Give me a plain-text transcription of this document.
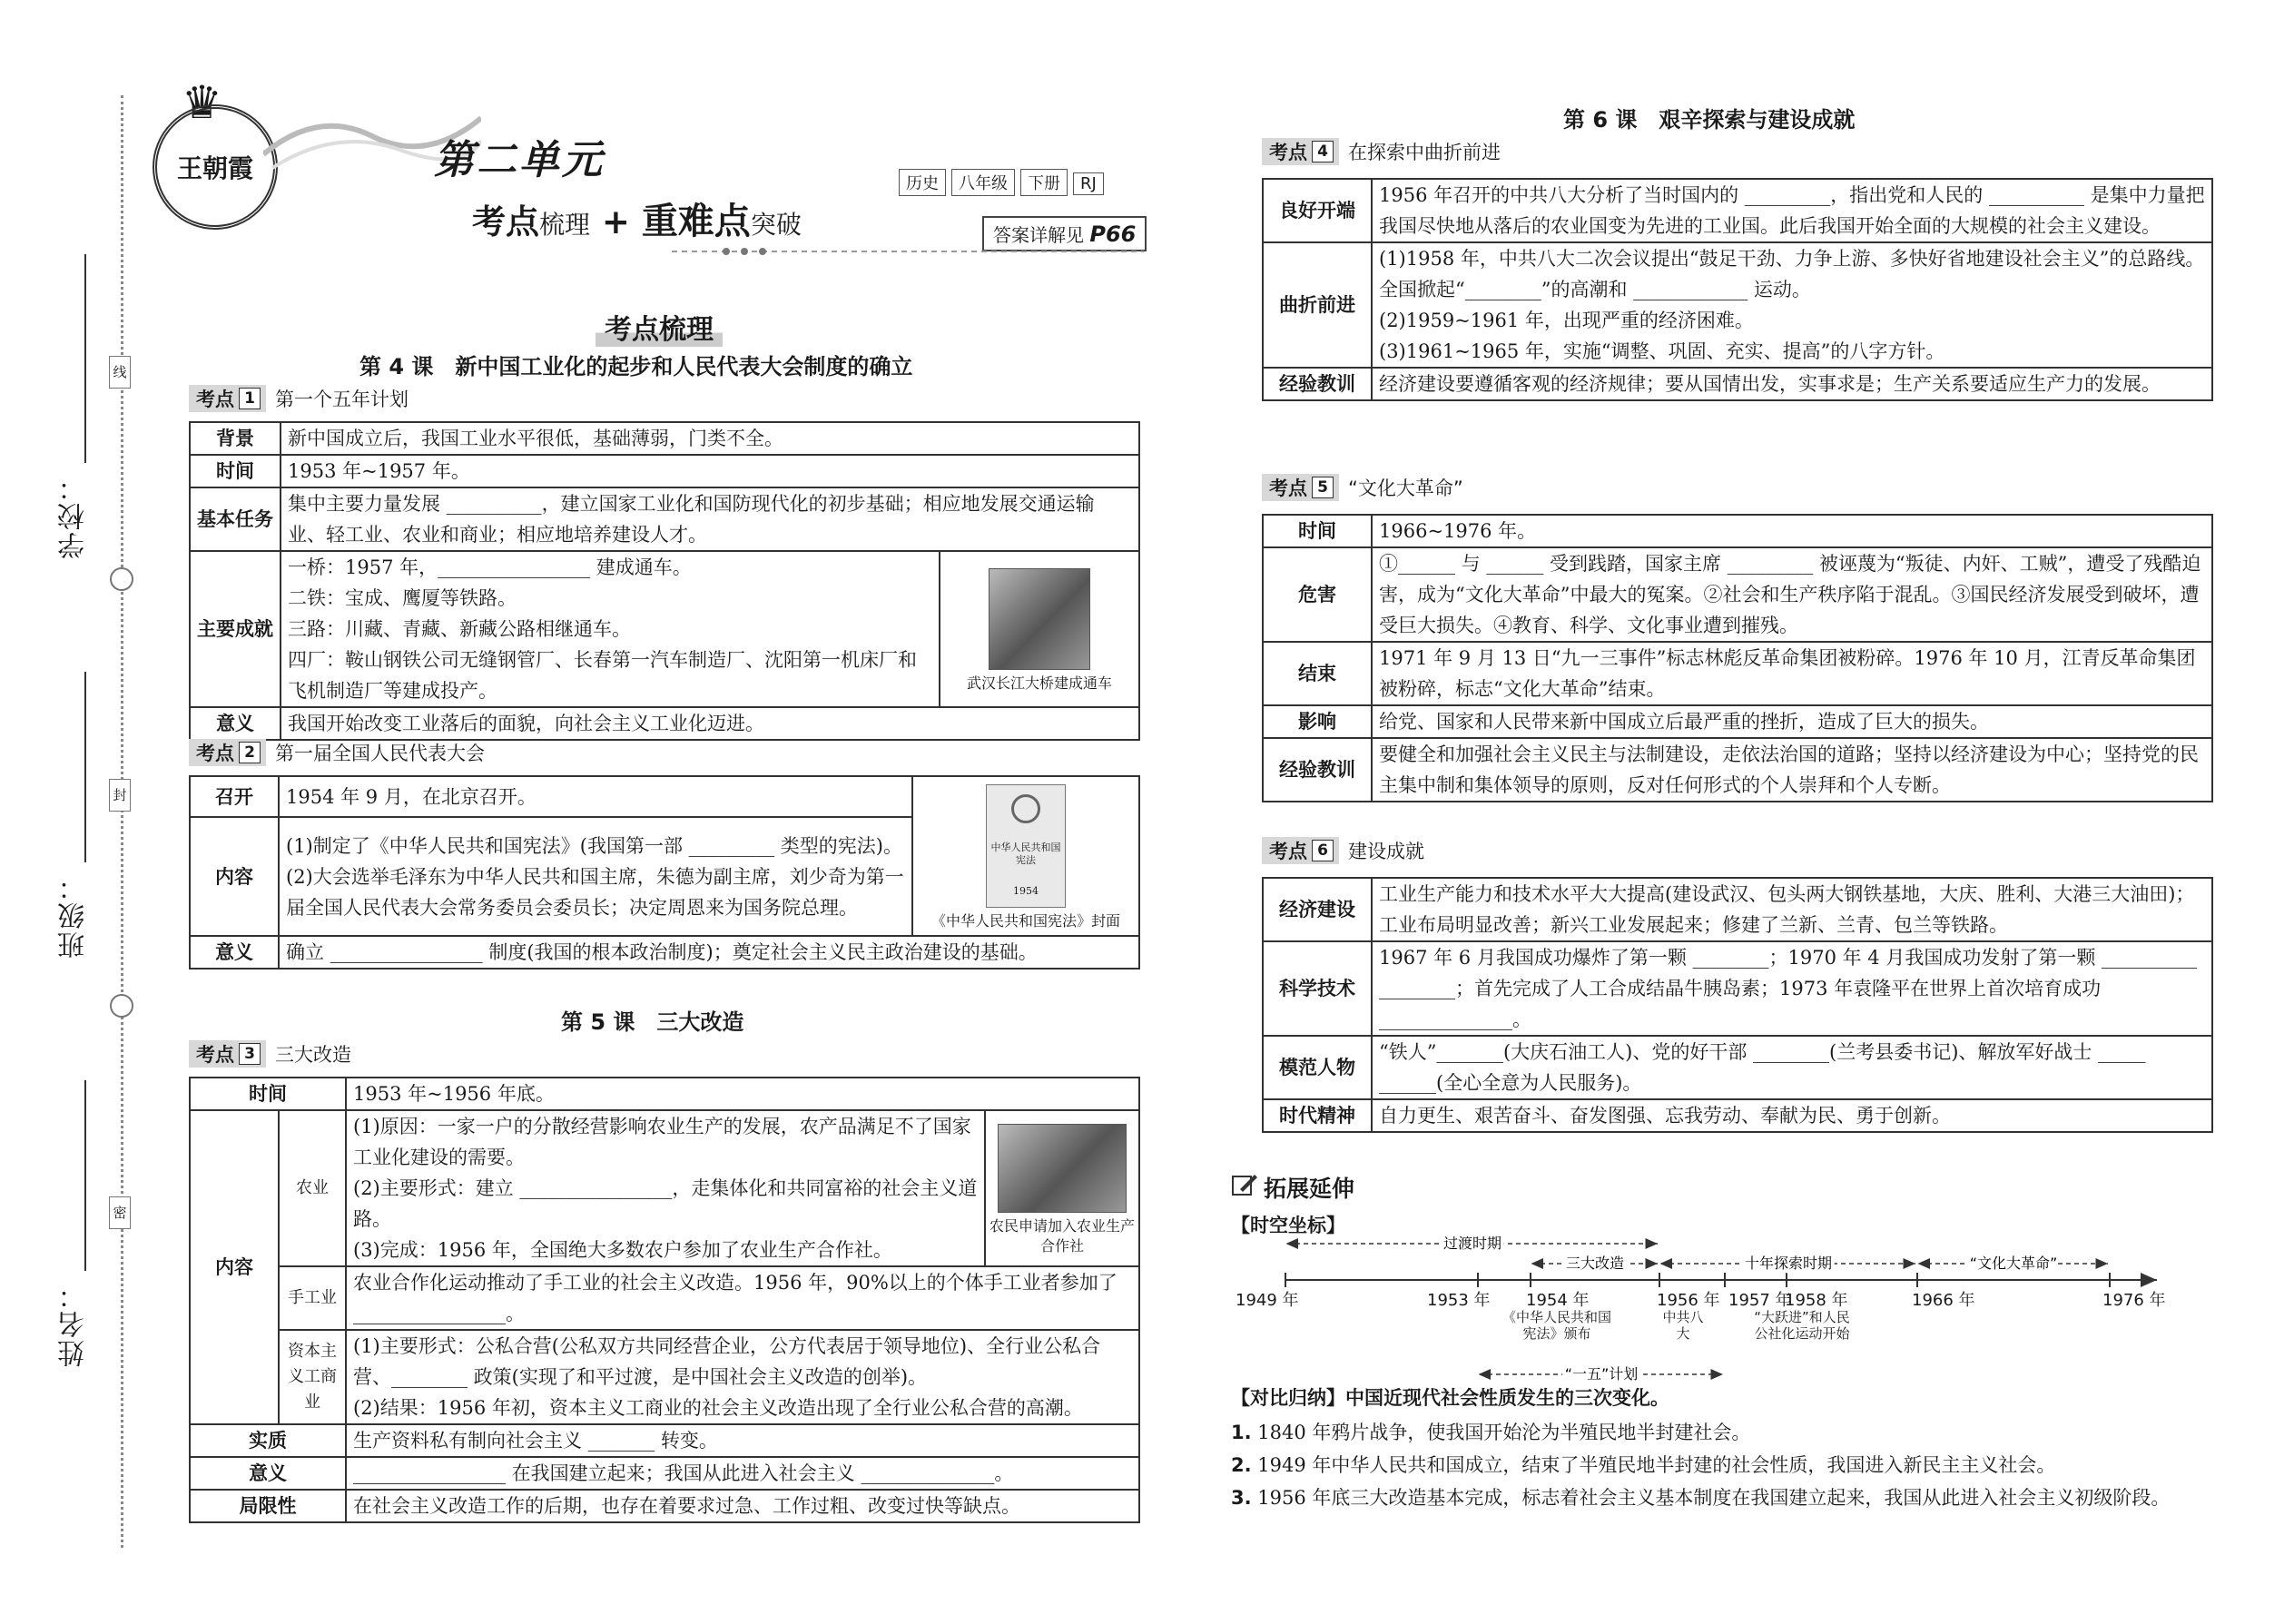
学校：
班级：
姓名：
线
封
密
♛
王朝霞	第二单元
考点梳理 + 重难点突破
历史 八年级 下册 RJ
答案详解见 P66
考点梳理
第 4 课　新中国工业化的起步和人民代表大会制度的确立
考点 1 第一个五年计划
背景	新中国成立后，我国工业水平很低，基础薄弱，门类不全。	
时间	1953 年~1957 年。	
基本任务	集中主要力量发展 __________，建立国家工业化和国防现代化的初步基础；相应地发展交通运输业、轻工业、农业和商业；相应地培养建设人才。	
主要成就	一桥：1957 年，________________ 建成通车。
二铁：宝成、鹰厦等铁路。
三路：川藏、青藏、新藏公路相继通车。
四厂：鞍山钢铁公司无缝钢管厂、长春第一汽车制造厂、沈阳第一机床厂和飞机制造厂等建成投产。	武汉长江大桥建成通车

意义	我国开始改变工业落后的面貌，向社会主义工业化迈进。	
考点 2 第一届全国人民代表大会
召开	1954 年 9 月，在北京召开。	中华人民共和国宪法
1954
《中华人民共和国宪法》封面

内容	(1)制定了《中华人民共和国宪法》(我国第一部 _________ 类型的宪法)。
(2)大会选举毛泽东为中华人民共和国主席，朱德为副主席，刘少奇为第一届全国人民代表大会常务委员会委员长；决定周恩来为国务院总理。	

意义	确立 ________________ 制度(我国的根本政治制度)；奠定社会主义民主政治建设的基础。	
第 5 课　三大改造
考点 3 三大改造
时间		1953 年~1956 年底。	
内容	农业	(1)原因：一家一户的分散经营影响农业生产的发展，农产品满足不了国家工业化建设的需要。
(2)主要形式：建立 ________________，走集体化和共同富裕的社会主义道路。
(3)完成：1956 年，全国绝大多数农户参加了农业生产合作社。	农民申请加入农业生产合作社

	手工业	农业合作化运动推动了手工业的社会主义改造。1956 年，90%以上的个体手工业者参加了 ________________。	
	资本主义工商业	(1)主要形式：公私合营(公私双方共同经营企业，公方代表居于领导地位)、全行业公私合营、________ 政策(实现了和平过渡，是中国社会主义改造的创举)。
(2)结果：1956 年初，资本主义工商业的社会主义改造出现了全行业公私合营的高潮。	

实质		生产资料私有制向社会主义 _______ 转变。	
意义		________________ 在我国建立起来；我国从此进入社会主义 ______________。	
局限性		在社会主义改造工作的后期，也存在着要求过急、工作过粗、改变过快等缺点。	
第 6 课　艰辛探索与建设成就
考点 4 在探索中曲折前进
良好开端	1956 年召开的中共八大分析了当时国内的 _________，指出党和人民的 __________ 是集中力量把我国尽快地从落后的农业国变为先进的工业国。此后我国开始全面的大规模的社会主义建设。
曲折前进	(1)1958 年，中共八大二次会议提出“鼓足干劲、力争上游、多快好省地建设社会主义”的总路线。全国掀起“________”的高潮和 ____________ 运动。
(2)1959~1961 年，出现严重的经济困难。
(3)1961~1965 年，实施“调整、巩固、充实、提高”的八字方针。

经验教训	经济建设要遵循客观的经济规律；要从国情出发，实事求是；生产关系要适应生产力的发展。
考点 5 “文化大革命”
时间	1966~1976 年。
危害	①______ 与 ______ 受到践踏，国家主席 _________ 被诬蔑为“叛徒、内奸、工贼”，遭受了残酷迫害，成为“文化大革命”中最大的冤案。②社会和生产秩序陷于混乱。③国民经济发展受到破坏，遭受巨大损失。④教育、科学、文化事业遭到摧残。
结束	1971 年 9 月 13 日“九一三事件”标志林彪反革命集团被粉碎。1976 年 10 月，江青反革命集团被粉碎，标志“文化大革命”结束。
影响	给党、国家和人民带来新中国成立后最严重的挫折，造成了巨大的损失。
经验教训	要健全和加强社会主义民主与法制建设，走依法治国的道路；坚持以经济建设为中心；坚持党的民主集中制和集体领导的原则，反对任何形式的个人崇拜和个人专断。
考点 6 建设成就
经济建设	工业生产能力和技术水平大大提高(建设武汉、包头两大钢铁基地，大庆、胜利、大港三大油田)；工业布局明显改善；新兴工业发展起来；修建了兰新、兰青、包兰等铁路。
科学技术	1967 年 6 月我国成功爆炸了第一颗 ________；1970 年 4 月我国成功发射了第一颗 __________ ________；首先完成了人工合成结晶牛胰岛素；1973 年袁隆平在世界上首次培育成功 ______________。
模范人物	“铁人”_______(大庆石油工人)、党的好干部 ________(兰考县委书记)、解放军好战士 _____ ______(全心全意为人民服务)。
时代精神	自力更生、艰苦奋斗、奋发图强、忘我劳动、奉献为民、勇于创新。
拓展延伸
【时空坐标】
过渡时期
三大改造	十年探索时期	“文化大革命”
“一五”计划
1949 年	1953 年 1954 年	1956 年 1957 年
1958 年	1966 年	1976 年
《中华人民共和国宪法》颁布
中共八大
“大跃进”和人民公社化运动开始
【对比归纳】中国近现代社会性质发生的三次变化。
1. 1840 年鸦片战争，使我国开始沦为半殖民地半封建社会。
2. 1949 年中华人民共和国成立，结束了半殖民地半封建的社会性质，我国进入新民主主义社会。
3. 1956 年底三大改造基本完成，标志着社会主义基本制度在我国建立起来，我国从此进入社会主义初级阶段。
